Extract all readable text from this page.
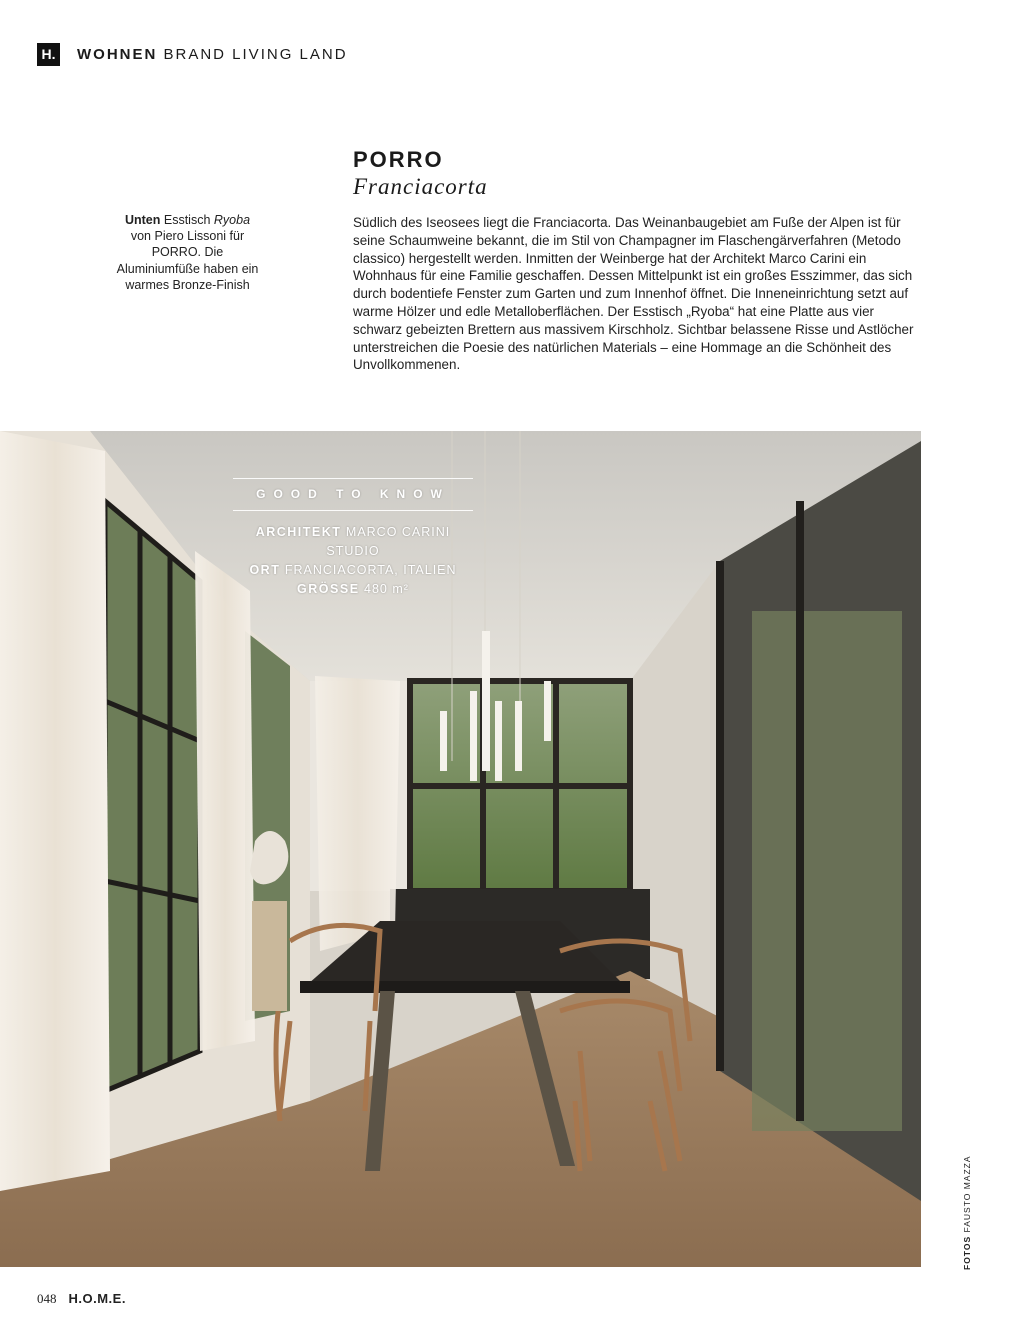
H.	WOHNEN BRAND LIVING LAND
PORRO
Franciacorta
Unten Esstisch Ryoba von Piero Lissoni für PORRO. Die Aluminiumfüße haben ein warmes Bronze-Finish
Südlich des Iseosees liegt die Franciacorta. Das Weinanbaugebiet am Fuße der Alpen ist für seine Schaumweine bekannt, die im Stil von Champagner im Flaschengärverfahren (Metodo classico) hergestellt werden. Inmitten der Weinberge hat der Architekt Marco Carini ein Wohnhaus für eine Familie geschaffen. Dessen Mittelpunkt ist ein großes Esszimmer, das sich durch bodentiefe Fenster zum Garten und zum Innenhof öffnet. Die Inneneinrichtung setzt auf warme Hölzer und edle Metalloberflächen. Der Esstisch „Ryoba“ hat eine Platte aus vier schwarz gebeizten Brettern aus massivem Kirschholz. Sichtbar belassene Risse und Astlöcher unterstreichen die Poesie des natürlichen Materials – eine Hommage an die Schönheit des Unvollkommenen.
GOOD TO KNOW
ARCHITEKT MARCO CARINI STUDIO
ORT FRANCIACORTA, ITALIEN
GRÖSSE 480 m²
FOTOS FAUSTO MAZZA
048 H.O.M.E.
